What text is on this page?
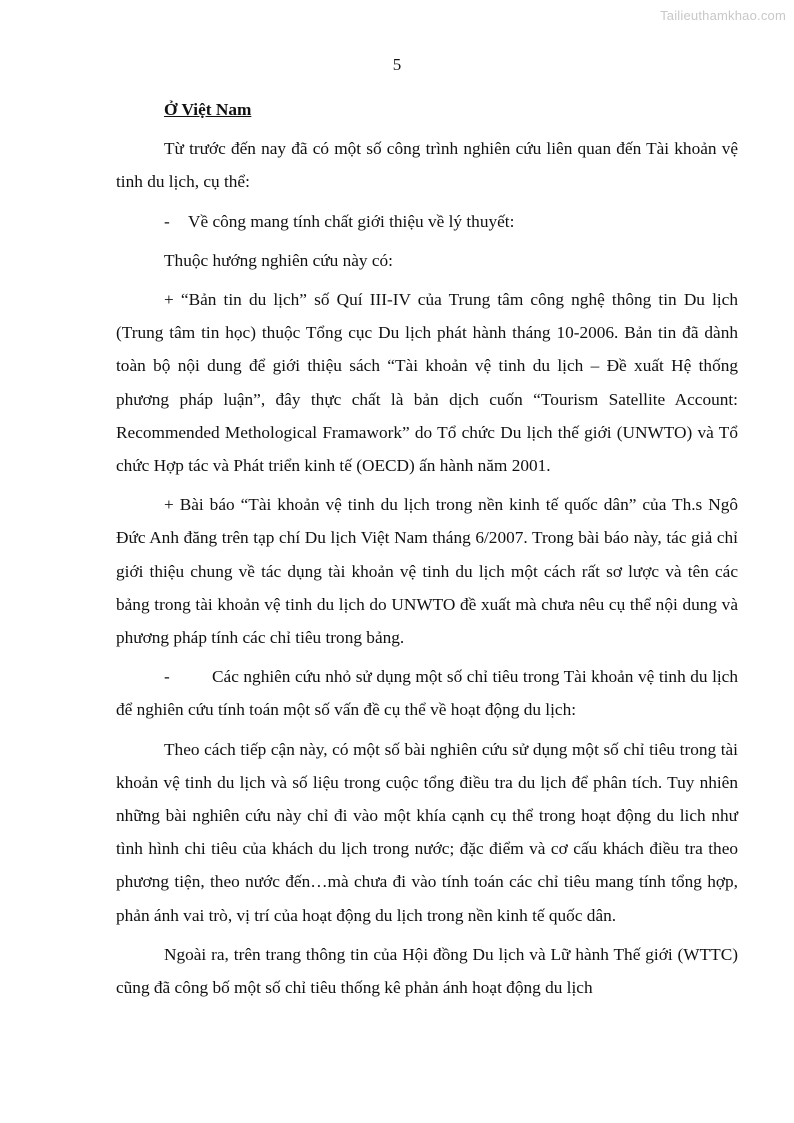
Tailieuthamkhao.com
5
Ở Việt Nam

Từ trước đến nay đã có một số công trình nghiên cứu liên quan đến Tài khoản vệ tinh du lịch, cụ thể:

- Về công mang tính chất giới thiệu về lý thuyết:

Thuộc hướng nghiên cứu này có:

+ “Bản tin du lịch” số Quí III-IV của Trung tâm công nghệ thông tin Du lịch (Trung tâm tin học) thuộc Tổng cục Du lịch phát hành tháng 10-2006. Bản tin đã dành toàn bộ nội dung để giới thiệu sách “Tài khoản vệ tinh du lịch – Đề xuất Hệ thống phương pháp luận”, đây thực chất là bản dịch cuốn “Tourism Satellite Account: Recommended Methological Framawork” do Tổ chức Du lịch thế giới (UNWTO) và Tổ chức Hợp tác và Phát triển kinh tế (OECD) ấn hành năm 2001.

+ Bài báo “Tài khoản vệ tinh du lịch trong nền kinh tế quốc dân” của Th.s Ngô Đức Anh đăng trên tạp chí Du lịch Việt Nam tháng 6/2007. Trong bài báo này, tác giả chỉ giới thiệu chung về tác dụng tài khoản vệ tinh du lịch một cách rất sơ lược và tên các bảng trong tài khoản vệ tinh du lịch do UNWTO đề xuất mà chưa nêu cụ thể nội dung và phương pháp tính các chỉ tiêu trong bảng.

- Các nghiên cứu nhỏ sử dụng một số chỉ tiêu trong Tài khoản vệ tinh du lịch để nghiên cứu tính toán một số vấn đề cụ thể về hoạt động du lịch:

Theo cách tiếp cận này, có một số bài nghiên cứu sử dụng một số chỉ tiêu trong tài khoản vệ tinh du lịch và số liệu trong cuộc tổng điều tra du lịch để phân tích. Tuy nhiên những bài nghiên cứu này chỉ đi vào một khía cạnh cụ thể trong hoạt động du lich như tình hình chi tiêu của khách du lịch trong nước; đặc điểm và cơ cấu khách điều tra theo phương tiện, theo nước đến…mà chưa đi vào tính toán các chỉ tiêu mang tính tổng hợp, phản ánh vai trò, vị trí của hoạt động du lịch trong nền kinh tế quốc dân.

Ngoài ra, trên trang thông tin của Hội đồng Du lịch và Lữ hành Thế giới (WTTC) cũng đã công bố một số chỉ tiêu thống kê phản ánh hoạt động du lịch
